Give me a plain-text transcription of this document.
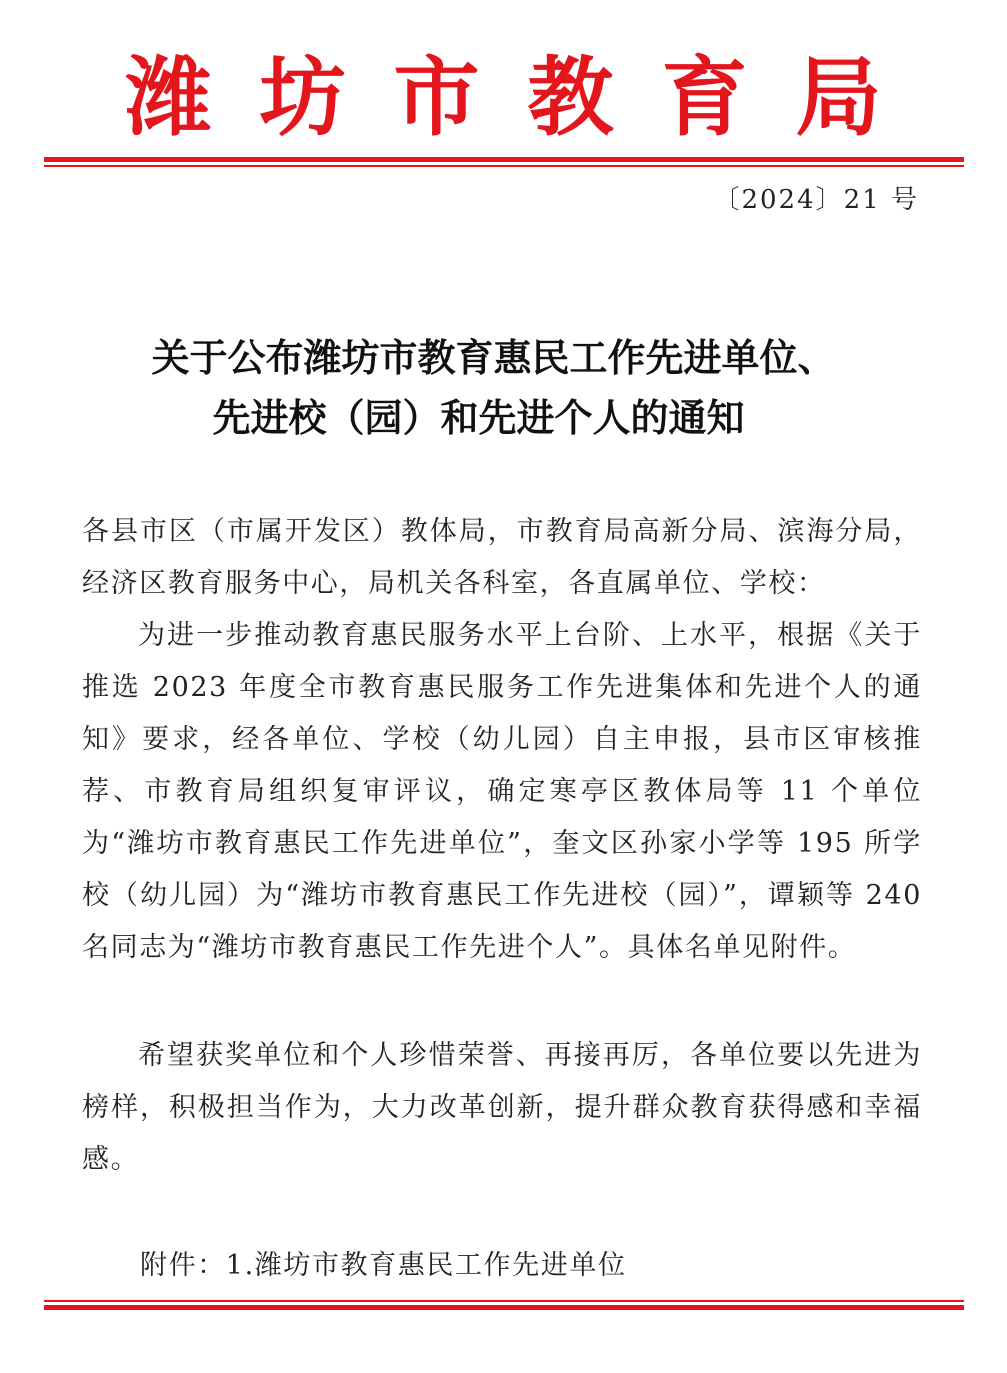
潍坊市教育局
〔2024〕21 号
关于公布潍坊市教育惠民工作先进单位、
先进校（园）和先进个人的通知

各县市区（市属开发区）教体局，市教育局高新分局、滨海分局，经济区教育服务中心，局机关各科室，各直属单位、学校：

为进一步推动教育惠民服务水平上台阶、上水平，根据《关于推选 2023 年度全市教育惠民服务工作先进集体和先进个人的通知》要求，经各单位、学校（幼儿园）自主申报，县市区审核推荐、市教育局组织复审评议，确定寒亭区教体局等 11 个单位为“潍坊市教育惠民工作先进单位”，奎文区孙家小学等 195 所学校（幼儿园）为“潍坊市教育惠民工作先进校（园）”，谭颖等 240 名同志为“潍坊市教育惠民工作先进个人”。具体名单见附件。

希望获奖单位和个人珍惜荣誉、再接再厉，各单位要以先进为榜样，积极担当作为，大力改革创新，提升群众教育获得感和幸福感。

附件：1.潍坊市教育惠民工作先进单位
